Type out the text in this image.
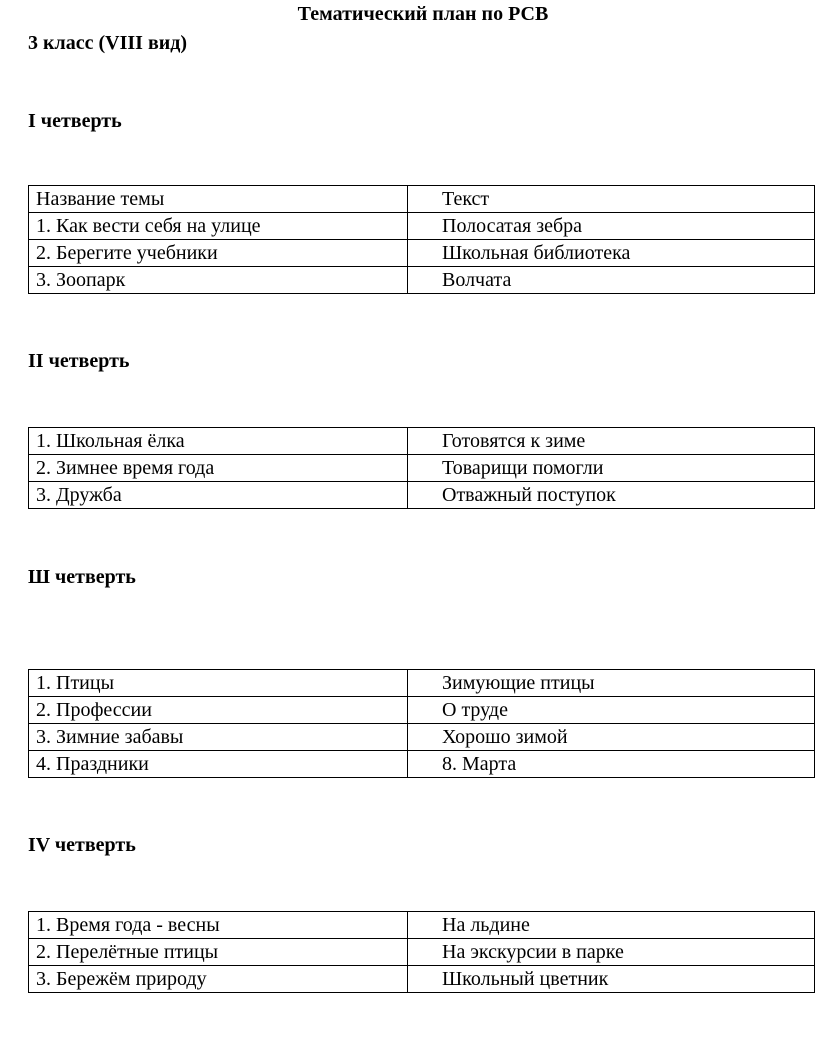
Тематический план по РСВ
3 класс (VIII вид)
I четверть
Название темы	Текст
1. Как вести себя на улице	Полосатая зебра
2. Берегите учебники	Школьная библиотека
3. Зоопарк	Волчата
II четверть
1. Школьная ёлка	Готовятся к зиме
2. Зимнее время года	Товарищи помогли
3. Дружба	Отважный поступок
Ш четверть
1. Птицы	Зимующие птицы
2. Профессии	О труде
3. Зимние забавы	Хорошо зимой
4. Праздники	8. Марта
IV четверть
1. Время года - весны	На льдине
2. Перелётные птицы	На экскурсии в парке
3. Бережём природу	Школьный цветник
